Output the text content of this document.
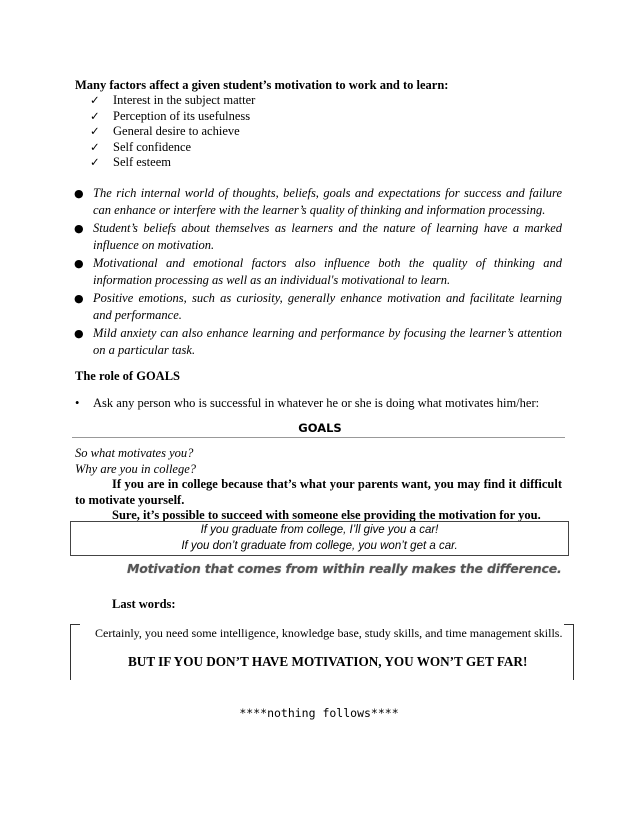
Many factors affect a given student’s motivation to work and to learn:
✓ Interest in the subject matter
✓ Perception of its usefulness
✓ General desire to achieve
✓ Self confidence
✓ Self esteem
● The rich internal world of thoughts, beliefs, goals and expectations for success and failure can enhance or interfere with the learner’s quality of thinking and information processing.
● Student’s beliefs about themselves as learners and the nature of learning have a marked influence on motivation.
● Motivational and emotional factors also influence both the quality of thinking and information processing as well as an individual's motivational to learn.
● Positive emotions, such as curiosity, generally enhance motivation and facilitate learning and performance.
● Mild anxiety can also enhance learning and performance by focusing the learner’s attention on a particular task.
The role of GOALS
• Ask any person who is successful in whatever he or she is doing what motivates him/her:
GOALS
So what motivates you?
Why are you in college?
If you are in college because that’s what your parents want, you may find it difficult to motivate yourself.
Sure, it’s possible to succeed with someone else providing the motivation for you.
If you graduate from college, I’ll give you a car!
If you don’t graduate from college, you won’t get a car.
Motivation that comes from within really makes the difference.
Last words:
Certainly, you need some intelligence, knowledge base, study skills, and time management skills.
BUT IF YOU DON’T HAVE MOTIVATION, YOU WON’T GET FAR!
****nothing follows****
